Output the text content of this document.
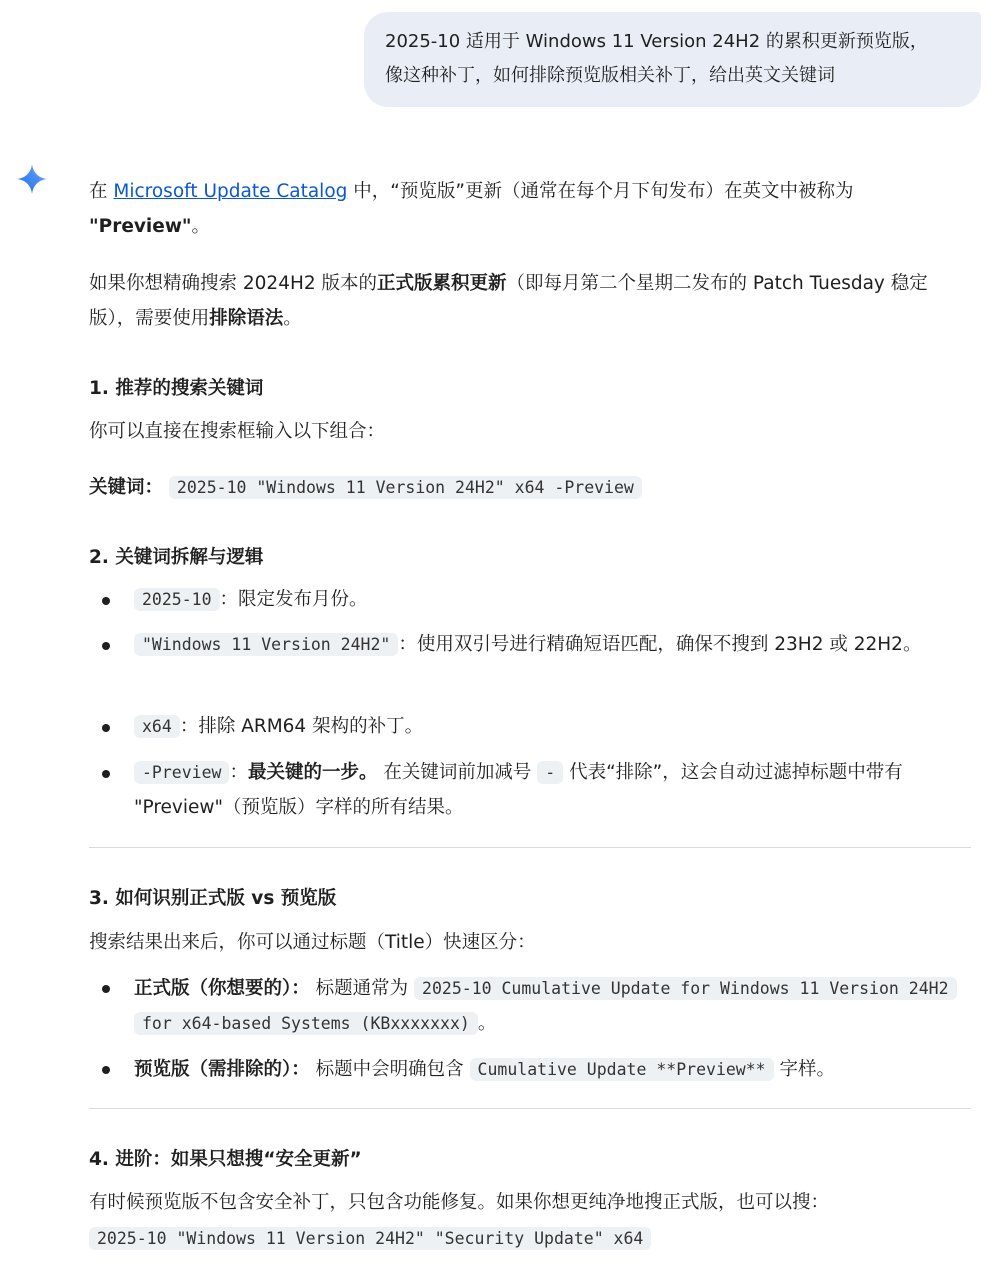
2025-10 适用于 Windows 11 Version 24H2 的累积更新预览版，

像这种补丁，如何排除预览版相关补丁，给出英文关键词

在 Microsoft Update Catalog 中，“预览版”更新（通常在每个月下旬发布）在英文中被称为 "Preview"。
如果你想精确搜索 2024H2 版本的正式版累积更新（即每月第二个星期二发布的 Patch Tuesday 稳定版），需要使用排除语法。
1. 推荐的搜索关键词
你可以直接在搜索框输入以下组合：
关键词： 2025-10 "Windows 11 Version 24H2" x64 -Preview
2. 关键词拆解与逻辑
2025-10 ：限定发布月份。
"Windows 11 Version 24H2" ：使用双引号进行精确短语匹配，确保不搜到 23H2 或 22H2。
x64 ：排除 ARM64 架构的补丁。
-Preview ：最关键的一步。 在关键词前加减号 - 代表“排除”，这会自动过滤掉标题中带有 "Preview"（预览版）字样的所有结果。
3. 如何识别正式版 vs 预览版
搜索结果出来后，你可以通过标题（Title）快速区分：
正式版（你想要的）： 标题通常为 2025-10 Cumulative Update for Windows 11 Version 24H2 for x64-based Systems (KBxxxxxxx) 。
预览版（需排除的）： 标题中会明确包含 Cumulative Update **Preview** 字样。
4. 进阶：如果只想搜“安全更新”
有时候预览版不包含安全补丁，只包含功能修复。如果你想更纯净地搜正式版，也可以搜：
2025-10 "Windows 11 Version 24H2" "Security Update" x64
